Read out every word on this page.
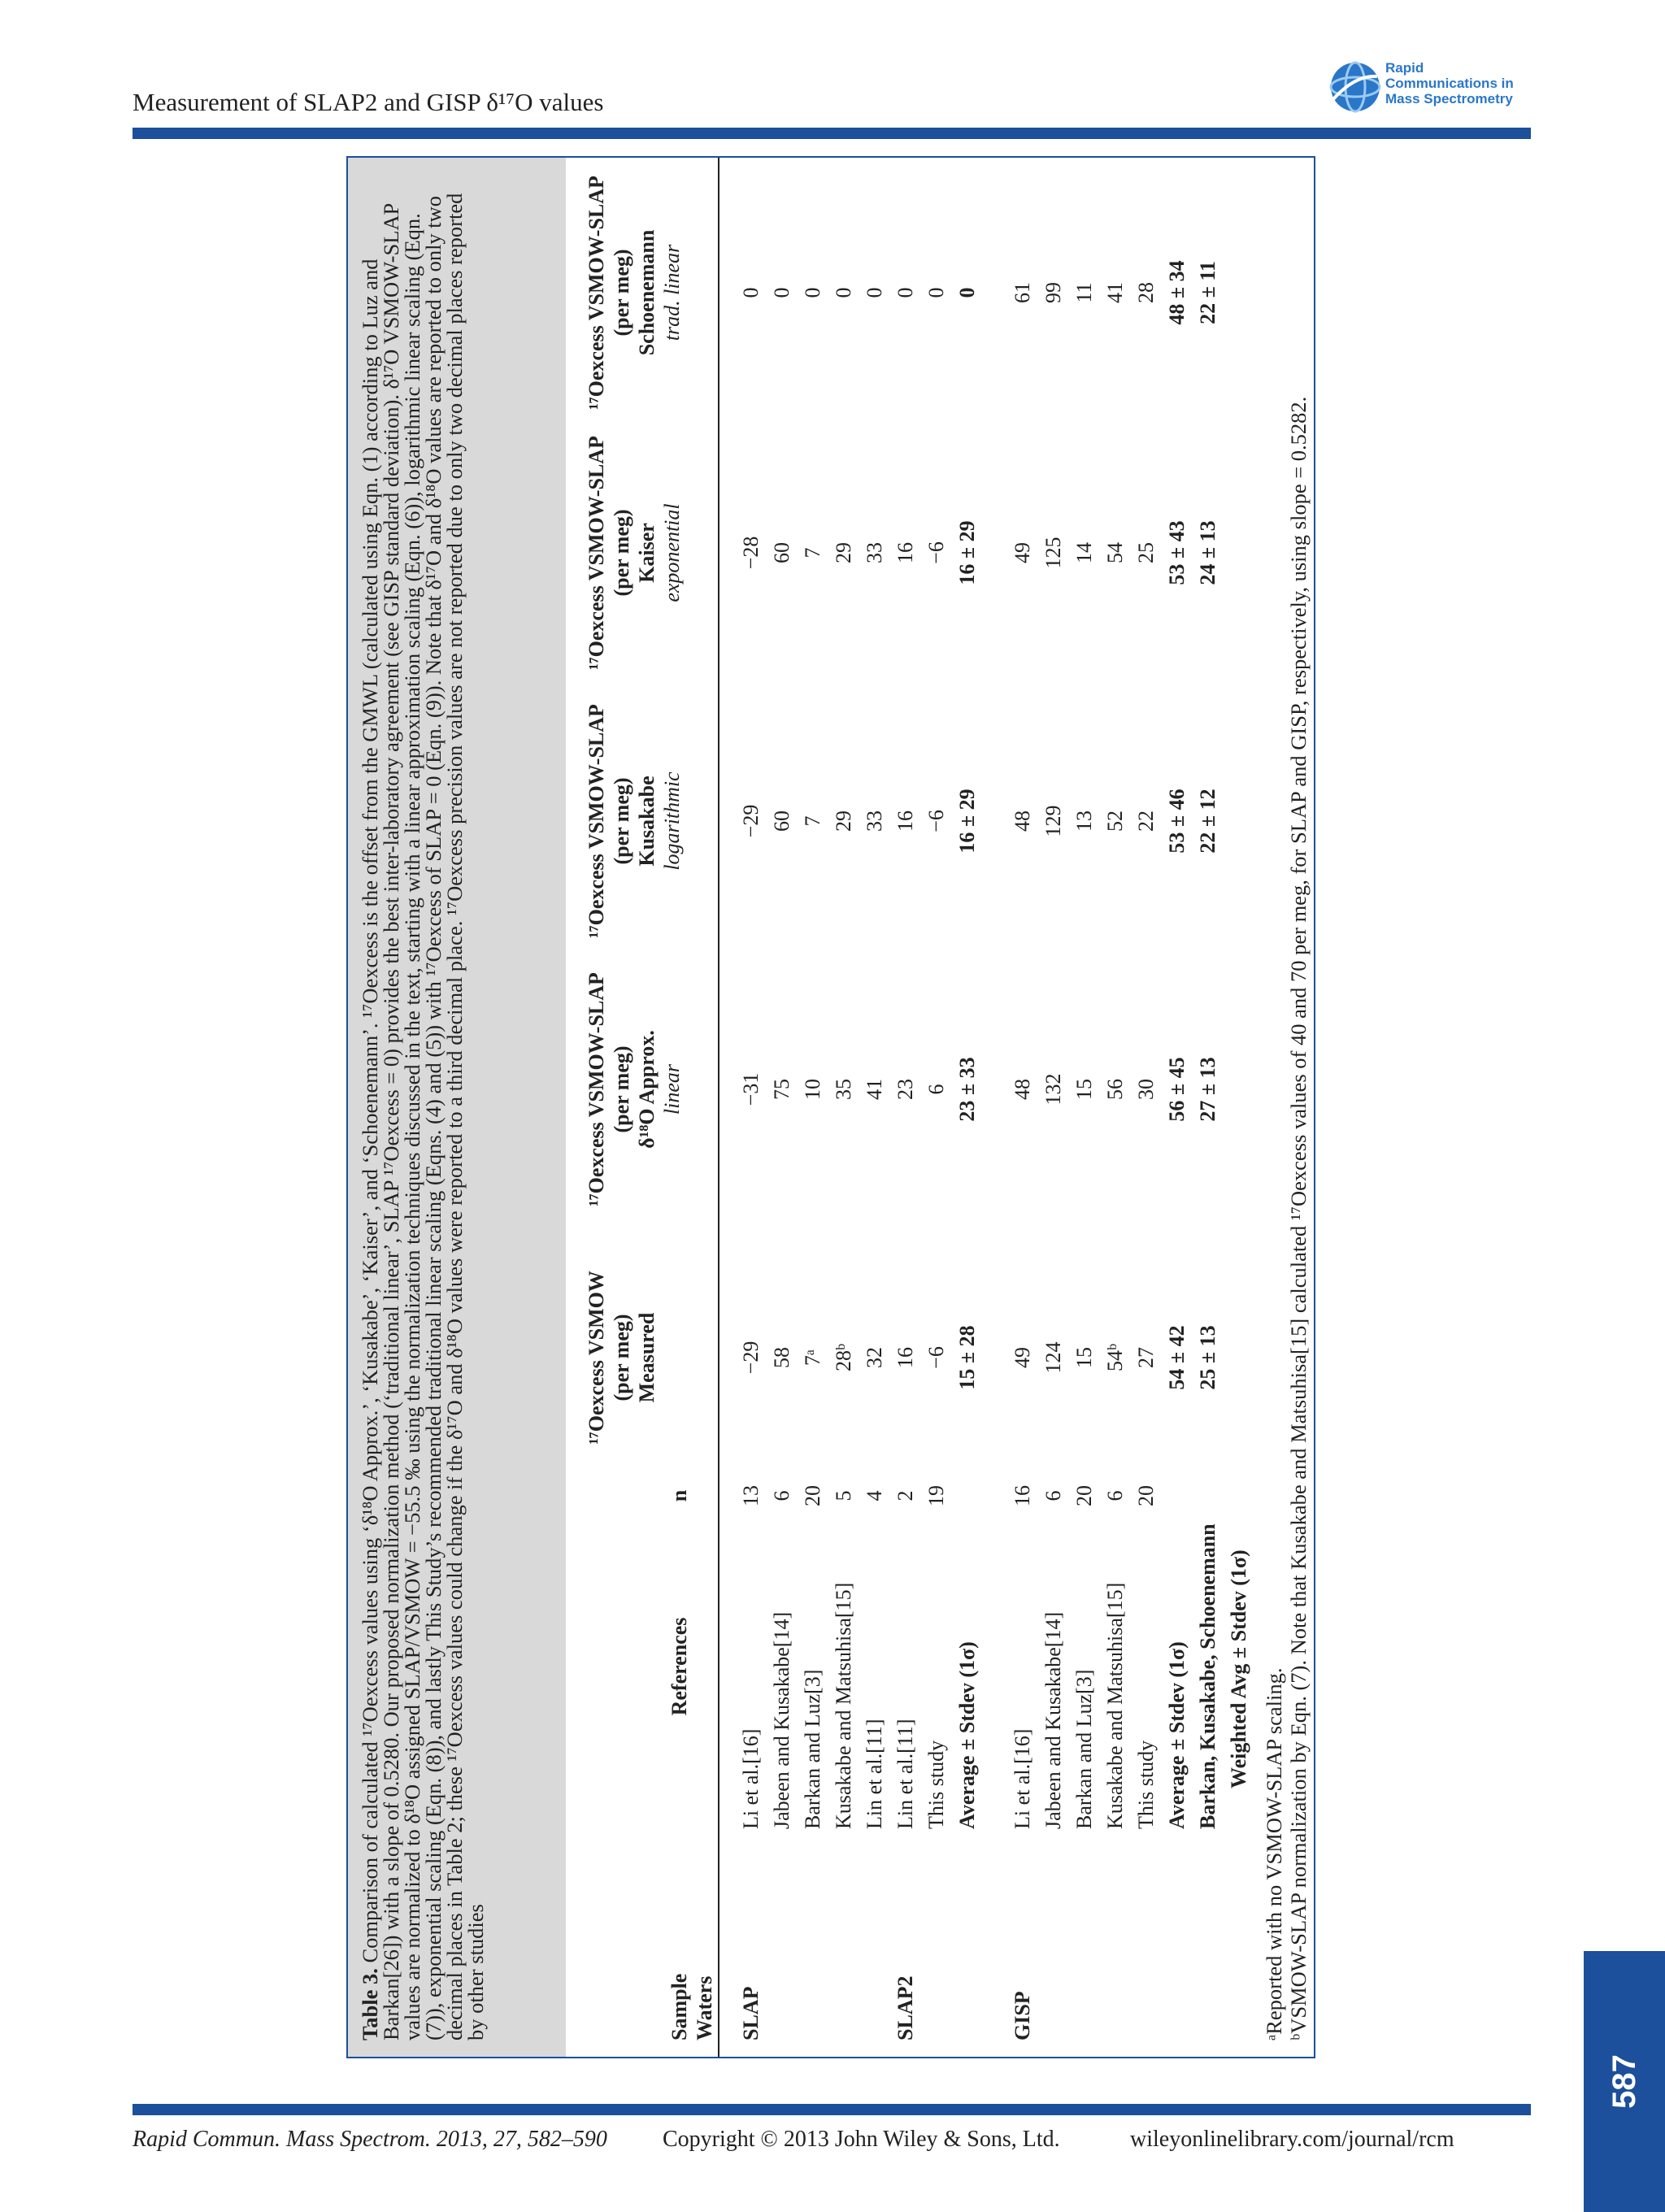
Measurement of SLAP2 and GISP δ¹⁷O values
Rapid
Communications in
Mass Spectrometry
Table 3. Comparison of calculated ¹⁷Oexcess values using ‘δ¹⁸O Approx.’, ‘Kusakabe’, ‘Kaiser’, and ‘Schoenemann’. ¹⁷Oexcess is the offset from the GMWL (calculated using Eqn. (1) according to Luz and Barkan[26]) with a slope of 0.5280. Our proposed normalization method (‘traditional linear’, SLAP ¹⁷Oexcess = 0) provides the best inter-laboratory agreement (see GISP standard deviation). δ¹⁷O VSMOW-SLAP values are normalized to δ¹⁸O assigned SLAP/VSMOW = −55.5 ‰ using the normalization techniques discussed in the text, starting with a linear approximation scaling (Eqn. (6)), logarithmic linear scaling (Eqn. (7)), exponential scaling (Eqn. (8)), and lastly This Study’s recommended traditional linear scaling (Eqns. (4) and (5)) with ¹⁷Oexcess of SLAP = 0 (Eqn. (9)). Note that δ¹⁷O and δ¹⁸O values are reported to only two decimal places in Table 2; these ¹⁷Oexcess values could change if the δ¹⁷O and δ¹⁸O values were reported to a third decimal place. ¹⁷Oexcess precision values are not reported due to only two decimal places reported by other studies	Sample Waters
References
n
¹⁷Oexcess VSMOW (per meg) Measured
¹⁷Oexcess VSMOW-SLAP (per meg) δ¹⁸O Approx. linear
¹⁷Oexcess VSMOW-SLAP (per meg) Kusakabe logarithmic
¹⁷Oexcess VSMOW-SLAP (per meg) Kaiser exponential
¹⁷Oexcess VSMOW-SLAP (per meg) Schoenemann trad. linear
SLAP
Li et al.[16]
13
−29
−31
−29
−28
0
Jabeen and Kusakabe[14]
6
58
75
60
60
0
Barkan and Luz[3]
20
7ᵃ
10
7
7
0
Kusakabe and Matsuhisa[15]
5
28ᵇ
35
29
29
0
Lin et al.[11]
4
32
41
33
33
0
SLAP2
Lin et al.[11]
2
16
23
16
16
0
This study
19
−6
6
−6
−6
0
Average ± Stdev (1σ)
15 ± 28
23 ± 33
16 ± 29
16 ± 29
0
GISP
Li et al.[16]
16
49
48
48
49
61
Jabeen and Kusakabe[14]
6
124
132
129
125
99
Barkan and Luz[3]
20
15
15
13
14
11
Kusakabe and Matsuhisa[15]
6
54ᵇ
56
52
54
41
This study
20
27
30
22
25
28
Average ± Stdev (1σ)
54 ± 42
56 ± 45
53 ± 46
53 ± 43
48 ± 34
Barkan, Kusakabe, Schoenemann
25 ± 13
27 ± 13
22 ± 12
24 ± 13
22 ± 11
Weighted Avg ± Stdev (1σ) ᵃReported with no VSMOW-SLAP scaling. ᵇVSMOW-SLAP normalization by Eqn. (7). Note that Kusakabe and Matsuhisa[15] calculated ¹⁷Oexcess values of 40 and 70 per meg, for SLAP and GISP, respectively, using slope = 0.5282.
Rapid Commun. Mass Spectrom. 2013, 27, 582–590 Copyright © 2013 John Wiley & Sons, Ltd.	wileyonlinelibrary.com/journal/rcm
587
